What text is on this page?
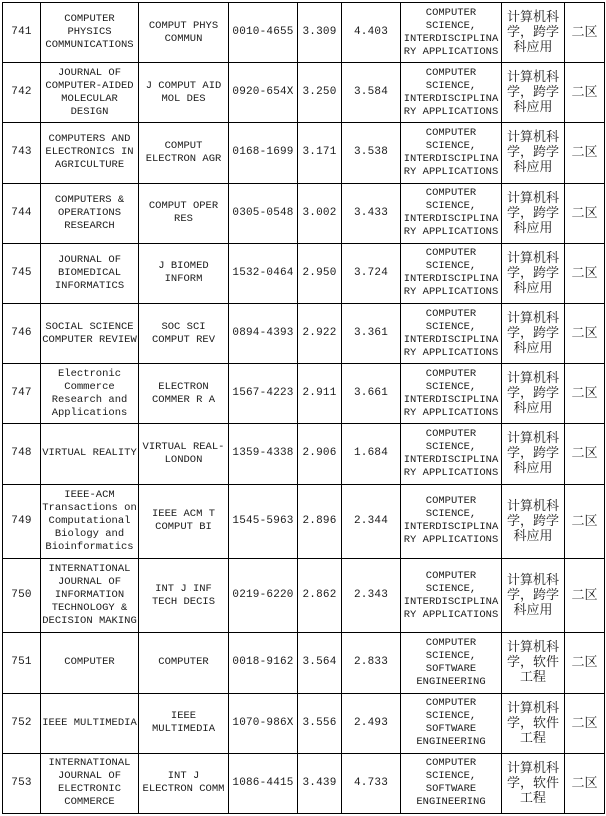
741	COMPUTER PHYSICS COMMUNICATIONS	COMPUT PHYS COMMUN	0010-4655	3.309	4.403	COMPUTER SCIENCE, INTERDISCIPLINARY APPLICATIONS	计算机科学，跨学科应用	二区
742	JOURNAL OF COMPUTER-AIDED MOLECULAR DESIGN	J COMPUT AID MOL DES	0920-654X	3.250	3.584	COMPUTER SCIENCE, INTERDISCIPLINARY APPLICATIONS	计算机科学，跨学科应用	二区
743	COMPUTERS AND ELECTRONICS IN AGRICULTURE	COMPUT ELECTRON AGR	0168-1699	3.171	3.538	COMPUTER SCIENCE, INTERDISCIPLINARY APPLICATIONS	计算机科学，跨学科应用	二区
744	COMPUTERS & OPERATIONS RESEARCH	COMPUT OPER RES	0305-0548	3.002	3.433	COMPUTER SCIENCE, INTERDISCIPLINARY APPLICATIONS	计算机科学，跨学科应用	二区
745	JOURNAL OF BIOMEDICAL INFORMATICS	J BIOMED INFORM	1532-0464	2.950	3.724	COMPUTER SCIENCE, INTERDISCIPLINARY APPLICATIONS	计算机科学，跨学科应用	二区
746	SOCIAL SCIENCE COMPUTER REVIEW	SOC SCI COMPUT REV	0894-4393	2.922	3.361	COMPUTER SCIENCE, INTERDISCIPLINARY APPLICATIONS	计算机科学，跨学科应用	二区
747	Electronic Commerce Research and Applications	ELECTRON COMMER R A	1567-4223	2.911	3.661	COMPUTER SCIENCE, INTERDISCIPLINARY APPLICATIONS	计算机科学，跨学科应用	二区
748	VIRTUAL REALITY	VIRTUAL REAL-LONDON	1359-4338	2.906	1.684	COMPUTER SCIENCE, INTERDISCIPLINARY APPLICATIONS	计算机科学，跨学科应用	二区
749	IEEE-ACM Transactions on Computational Biology and Bioinformatics	IEEE ACM T COMPUT BI	1545-5963	2.896	2.344	COMPUTER SCIENCE, INTERDISCIPLINARY APPLICATIONS	计算机科学，跨学科应用	二区
750	INTERNATIONAL JOURNAL OF INFORMATION TECHNOLOGY & DECISION MAKING	INT J INF TECH DECIS	0219-6220	2.862	2.343	COMPUTER SCIENCE, INTERDISCIPLINARY APPLICATIONS	计算机科学，跨学科应用	二区
751	COMPUTER	COMPUTER	0018-9162	3.564	2.833	COMPUTER SCIENCE, SOFTWARE ENGINEERING	计算机科学，软件工程	二区
752	IEEE MULTIMEDIA	IEEE MULTIMEDIA	1070-986X	3.556	2.493	COMPUTER SCIENCE, SOFTWARE ENGINEERING	计算机科学，软件工程	二区
753	INTERNATIONAL JOURNAL OF ELECTRONIC COMMERCE	INT J ELECTRON COMM	1086-4415	3.439	4.733	COMPUTER SCIENCE, SOFTWARE ENGINEERING	计算机科学，软件工程	二区
